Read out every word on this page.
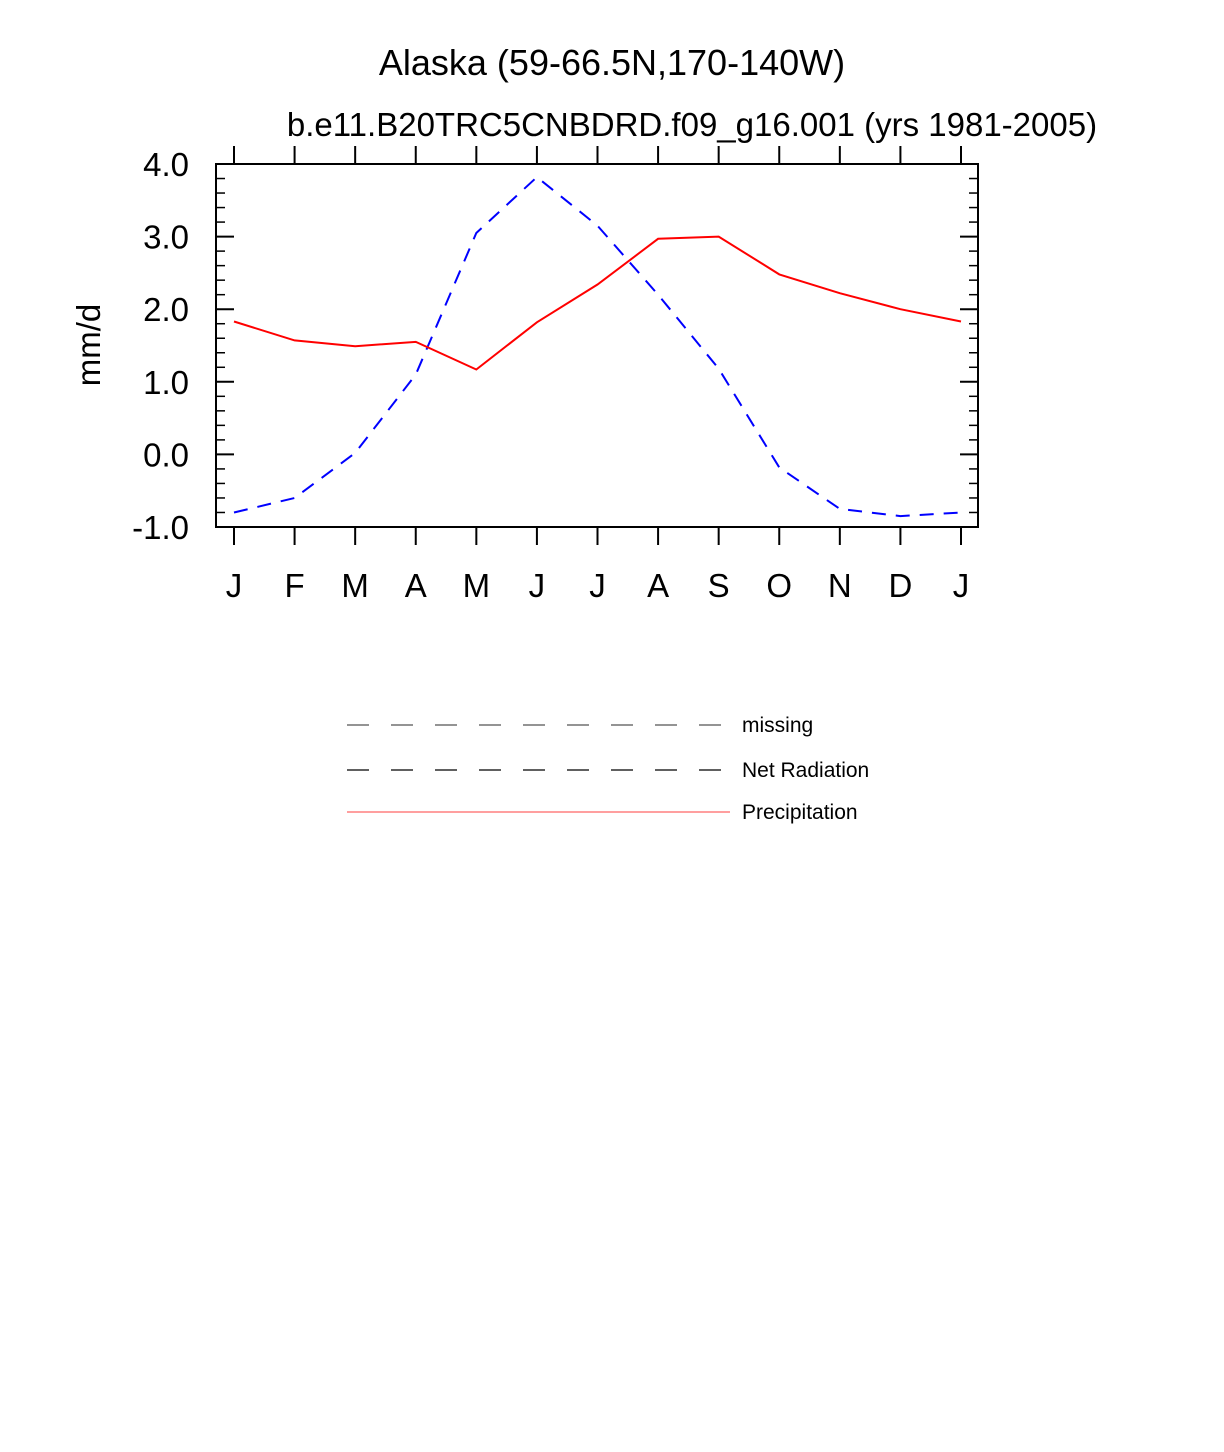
Alaska (59-66.5N,170-140W)
b.e11.B20TRC5CNBDRD.f09_g16.001 (yrs 1981-2005)
mm/d
-1.0
0.0
1.0
2.0
3.0
4.0
J F M A M J J A S O N D J
missing
Net Radiation
Precipitation
